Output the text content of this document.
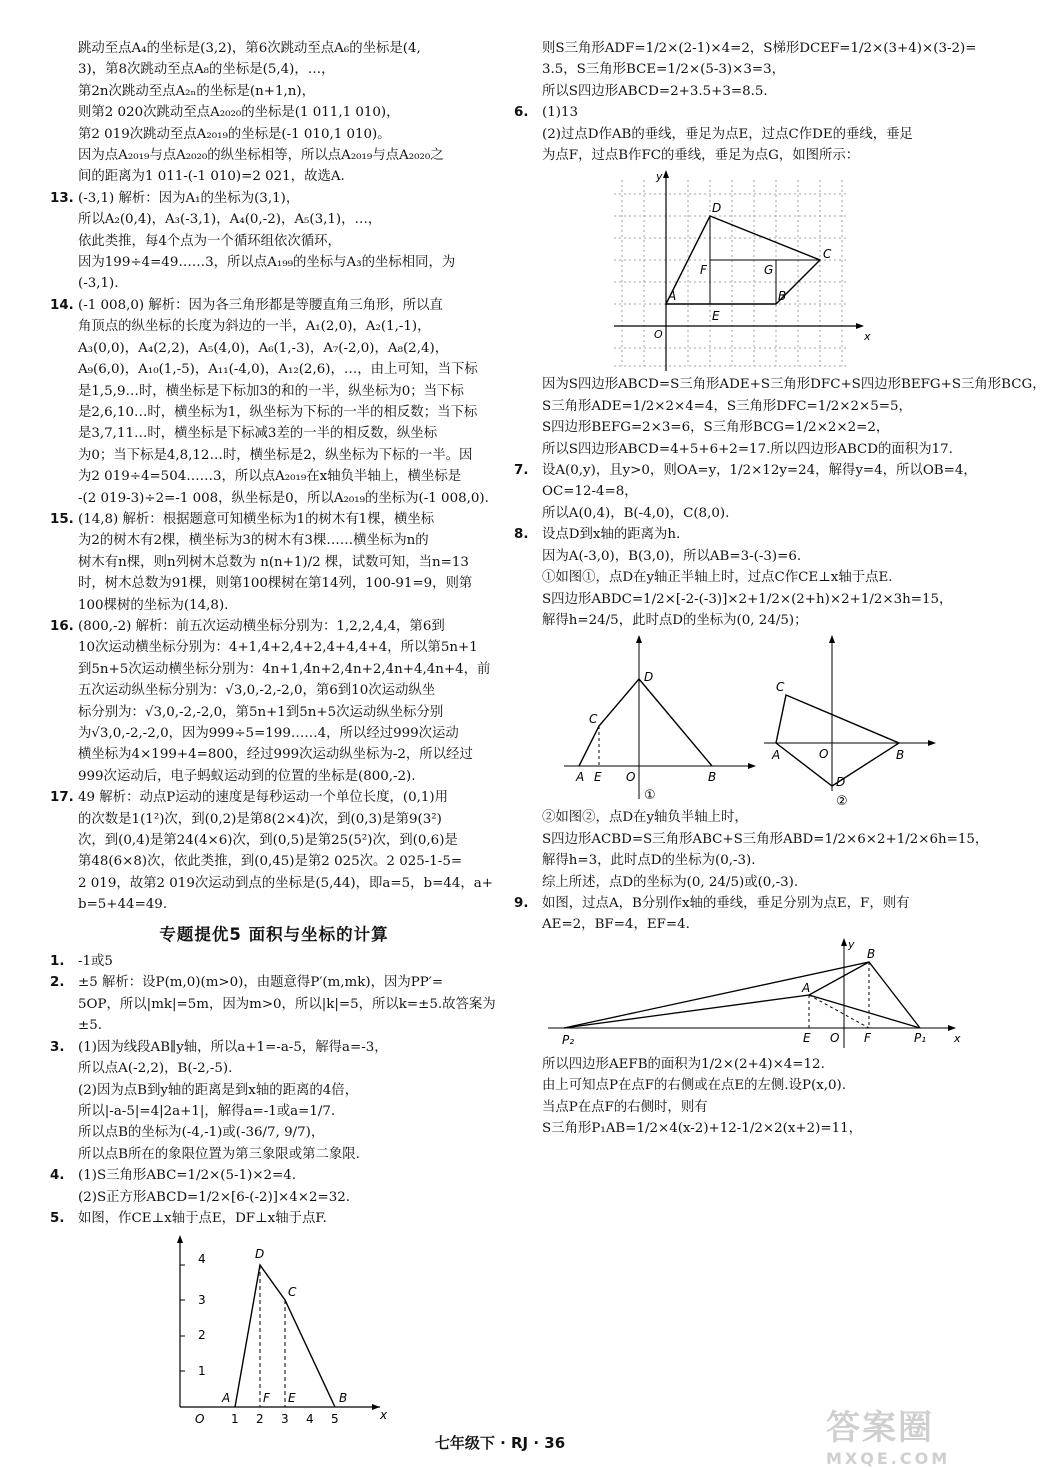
跳动至点A₄的坐标是(3,2)，第6次跳动至点A₆的坐标是(4,

3)，第8次跳动至点A₈的坐标是(5,4)，…，

第2n次跳动至点A₂ₙ的坐标是(n+1,n)，

则第2 020次跳动至点A₂₀₂₀的坐标是(1 011,1 010)，

第2 019次跳动至点A₂₀₁₉的坐标是(-1 010,1 010)。

因为点A₂₀₁₉与点A₂₀₂₀的纵坐标相等，所以点A₂₀₁₉与点A₂₀₂₀之

间的距离为1 011-(-1 010)=2 021，故选A.

13. (-3,1) 解析：因为A₁的坐标为(3,1)，

所以A₂(0,4)，A₃(-3,1)，A₄(0,-2)，A₅(3,1)，…，

依此类推，每4个点为一个循环组依次循环，

因为199÷4=49……3，所以点A₁₉₉的坐标与A₃的坐标相同，为

(-3,1).

14. (-1 008,0) 解析：因为各三角形都是等腰直角三角形，所以直

角顶点的纵坐标的长度为斜边的一半，A₁(2,0)，A₂(1,-1)，

A₃(0,0)，A₄(2,2)，A₅(4,0)，A₆(1,-3)，A₇(-2,0)，A₈(2,4)，

A₉(6,0)，A₁₀(1,-5)，A₁₁(-4,0)，A₁₂(2,6)，…，由上可知，当下标

是1,5,9…时，横坐标是下标加3的和的一半，纵坐标为0；当下标

是2,6,10…时，横坐标为1，纵坐标为下标的一半的相反数；当下标

是3,7,11…时，横坐标是下标减3差的一半的相反数，纵坐标

为0；当下标是4,8,12…时，横坐标是2，纵坐标为下标的一半。因

为2 019÷4=504……3，所以点A₂₀₁₉在x轴负半轴上，横坐标是

-(2 019-3)÷2=-1 008，纵坐标是0，所以A₂₀₁₉的坐标为(-1 008,0).

15. (14,8) 解析：根据题意可知横坐标为1的树木有1棵，横坐标

为2的树木有2棵，横坐标为3的树木有3棵……横坐标为n的

树木有n棵，则n列树木总数为 n(n+1)/2 棵，试数可知，当n=13

时，树木总数为91棵，则第100棵树在第14列，100-91=9，则第

100棵树的坐标为(14,8).

16. (800,-2) 解析：前五次运动横坐标分别为：1,2,2,4,4，第6到

10次运动横坐标分别为：4+1,4+2,4+2,4+4,4+4，所以第5n+1

到5n+5次运动横坐标分别为：4n+1,4n+2,4n+2,4n+4,4n+4，前

五次运动纵坐标分别为：√3,0,-2,-2,0，第6到10次运动纵坐

标分别为：√3,0,-2,-2,0，第5n+1到5n+5次运动纵坐标分别

为√3,0,-2,-2,0，因为999÷5=199……4，所以经过999次运动

横坐标为4×199+4=800，经过999次运动纵坐标为-2，所以经过

999次运动后，电子蚂蚁运动到的位置的坐标是(800,-2).

17. 49 解析：动点P运动的速度是每秒运动一个单位长度，(0,1)用

的次数是1(1²)次，到(0,2)是第8(2×4)次，到(0,3)是第9(3²)

次，到(0,4)是第24(4×6)次，到(0,5)是第25(5²)次，到(0,6)是

第48(6×8)次，依此类推，到(0,45)是第2 025次。2 025-1-5=

2 019，故第2 019次运动到点的坐标是(5,44)，即a=5，b=44，a+

b=5+44=49.

专题提优5 面积与坐标的计算

1. -1或5

2. ±5 解析：设P(m,0)(m>0)，由题意得P′(m,mk)，因为PP′=

5OP，所以|mk|=5m，因为m>0，所以|k|=5，所以k=±5.故答案为

±5.

3. (1)因为线段AB∥y轴，所以a+1=-a-5，解得a=-3，

所以点A(-2,2)，B(-2,-5).

(2)因为点B到y轴的距离是到x轴的距离的4倍，

所以|-a-5|=4|2a+1|，解得a=-1或a=1/7.

所以点B的坐标为(-4,-1)或(-36/7, 9/7)，

所以点B所在的象限位置为第三象限或第二象限.

4. (1)S三角形ABC=1/2×(5-1)×2=4.

(2)S正方形ABCD=1/2×[6-(-2)]×4×2=32.

5. 如图，作CE⊥x轴于点E，DF⊥x轴于点F.

4
3
2
1
O 1 2 3 4 5	x
A
D
C
F E	B

则S三角形ADF=1/2×(2-1)×4=2，S梯形DCEF=1/2×(3+4)×(3-2)=

3.5，S三角形BCE=1/2×(5-3)×3=3，

所以S四边形ABCD=2+3.5+3=8.5.

6. (1)13

(2)过点D作AB的垂线，垂足为点E，过点C作DE的垂线，垂足

为点F，过点B作FC的垂线，垂足为点G，如图所示：

y
x
O
A
D
C
B
E
F	G

因为S四边形ABCD=S三角形ADE+S三角形DFC+S四边形BEFG+S三角形BCG，

S三角形ADE=1/2×2×4=4，S三角形DFC=1/2×2×5=5，

S四边形BEFG=2×3=6，S三角形BCG=1/2×2×2=2，

所以S四边形ABCD=4+5+6+2=17.所以四边形ABCD的面积为17.

7. 设A(0,y)，且y>0，则OA=y，1/2×12y=24，解得y=4，所以OB=4，

OC=12-4=8，

所以A(0,4)，B(-4,0)，C(8,0).

8. 设点D到x轴的距离为h.

因为A(-3,0)，B(3,0)，所以AB=3-(-3)=6.

①如图①，点D在y轴正半轴上时，过点C作CE⊥x轴于点E.

S四边形ABDC=1/2×[-2-(-3)]×2+1/2×(2+h)×2+1/2×3h=15，

解得h=24/5，此时点D的坐标为(0, 24/5)；

A E
C
D
O	B
①
C
A	O	B
D
②

②如图②，点D在y轴负半轴上时，

S四边形ACBD=S三角形ABC+S三角形ABD=1/2×6×2+1/2×6h=15，

解得h=3，此时点D的坐标为(0,-3).

综上所述，点D的坐标为(0, 24/5)或(0,-3).

9. 如图，过点A，B分别作x轴的垂线，垂足分别为点E，F，则有

AE=2，BF=4，EF=4.

P₂	E O F	P₁
A
B
y
x

所以四边形AEFB的面积为1/2×(2+4)×4=12.

由上可知点P在点F的右侧或在点E的左侧.设P(x,0).

当点P在点F的右侧时，则有

S三角形P₁AB=1/2×4(x-2)+12-1/2×2(x+2)=11，

七年级下 · RJ · 36	答案圈
MXQE.COM
